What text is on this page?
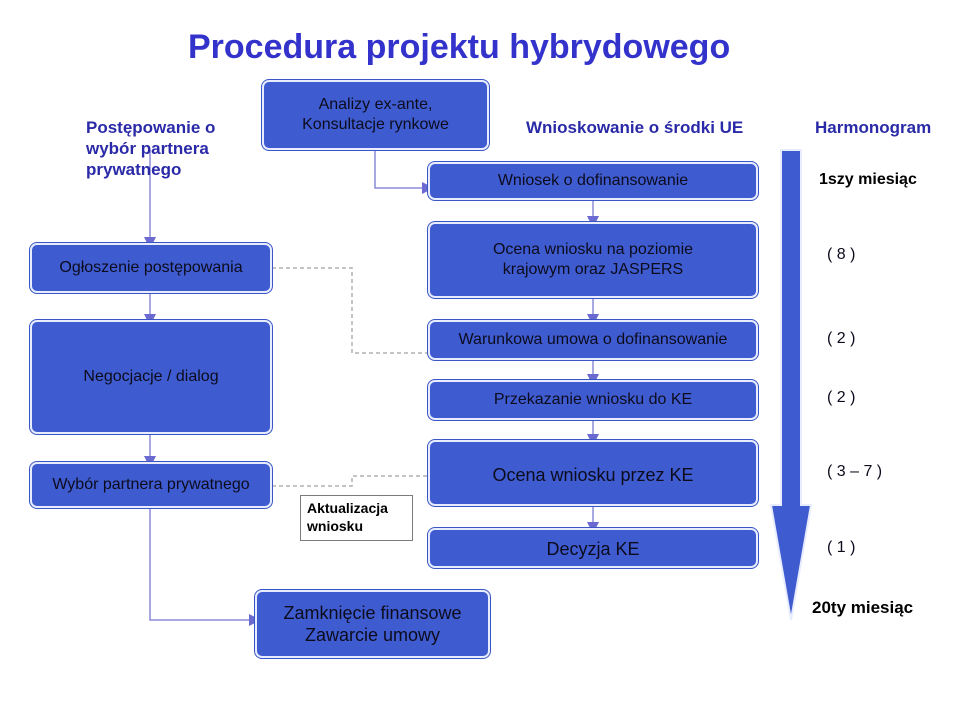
Procedura projektu hybrydowego
Postępowanie o
wybór partnera
prywatnego
Wnioskowanie o środki UE	Harmonogram
Analizy ex-ante,
Konsultacje rynkowe
Wniosek o dofinansowanie
Ogłoszenie postępowania
Ocena wniosku na poziomie
krajowym oraz JASPERS
Warunkowa umowa o dofinansowanie
Negocjacje / dialog
Przekazanie wniosku do KE
Wybór partnera prywatnego
Aktualizacja
wniosku
Ocena wniosku przez KE
Decyzja KE
Zamknięcie finansowe
Zawarcie umowy
1szy miesiąc
( 8 )
( 2 )
( 2 )
( 3 – 7 )
( 1 )
20ty miesiąc
